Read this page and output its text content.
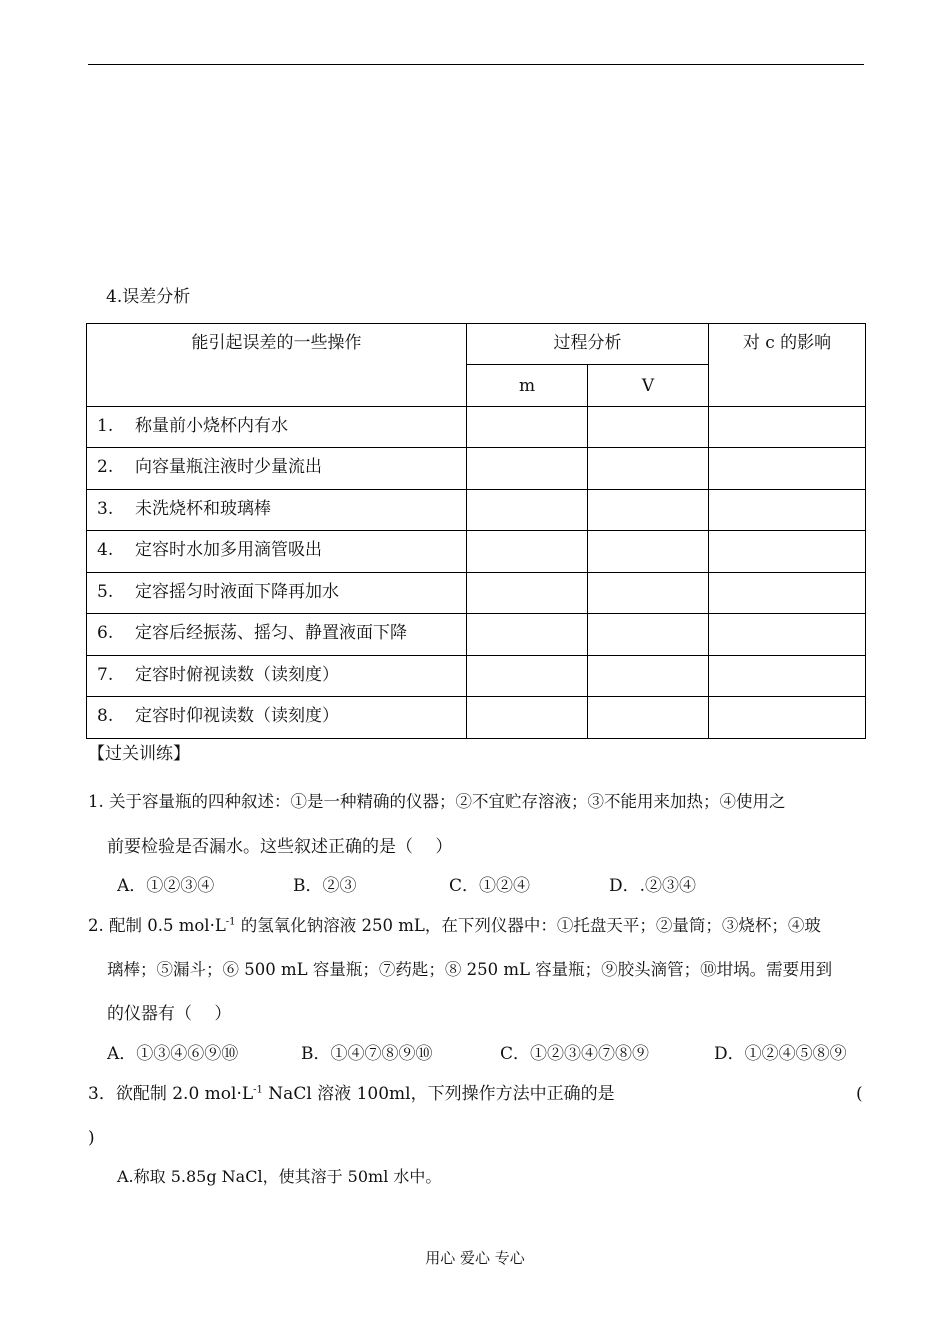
4.误差分析
能引起误差的一些操作	过程分析		对 c 的影响
	m	V	
1. 称量前小烧杯内有水			
2. 向容量瓶注液时少量流出			
3. 未洗烧杯和玻璃棒			
4. 定容时水加多用滴管吸出			
5. 定容摇匀时液面下降再加水			
6. 定容后经振荡、摇匀、静置液面下降			
7. 定容时俯视读数（读刻度）			
8. 定容时仰视读数（读刻度）			
【过关训练】
1. 关于容量瓶的四种叙述：①是一种精确的仪器；②不宜贮存溶液；③不能用来加热；④使用之
前要检验是否漏水。这些叙述正确的是（　 ）
A．①②③④	B．②③	C．①②④	D．.②③④
2. 配制 0.5 $mol\cdot L^{-1}$ 的氢氧化钠溶液 250 mL，在下列仪器中：①托盘天平；②量筒；③烧杯；④玻
璃棒；⑤漏斗；⑥ 500 mL 容量瓶；⑦药匙；⑧ 250 mL 容量瓶；⑨胶头滴管；⑩坩埚。需要用到
的仪器有（　 ）
A．①③④⑥⑨⑩	B．①④⑦⑧⑨⑩	C．①②③④⑦⑧⑨	D．①②④⑤⑧⑨
3．欲配制 2.0 $mol\cdot L^{-1}$ NaCl 溶液 100ml，下列操作方法中正确的是	(
)
A.称取 5.85g NaCl，使其溶于 50ml 水中。
用心 爱心 专心
